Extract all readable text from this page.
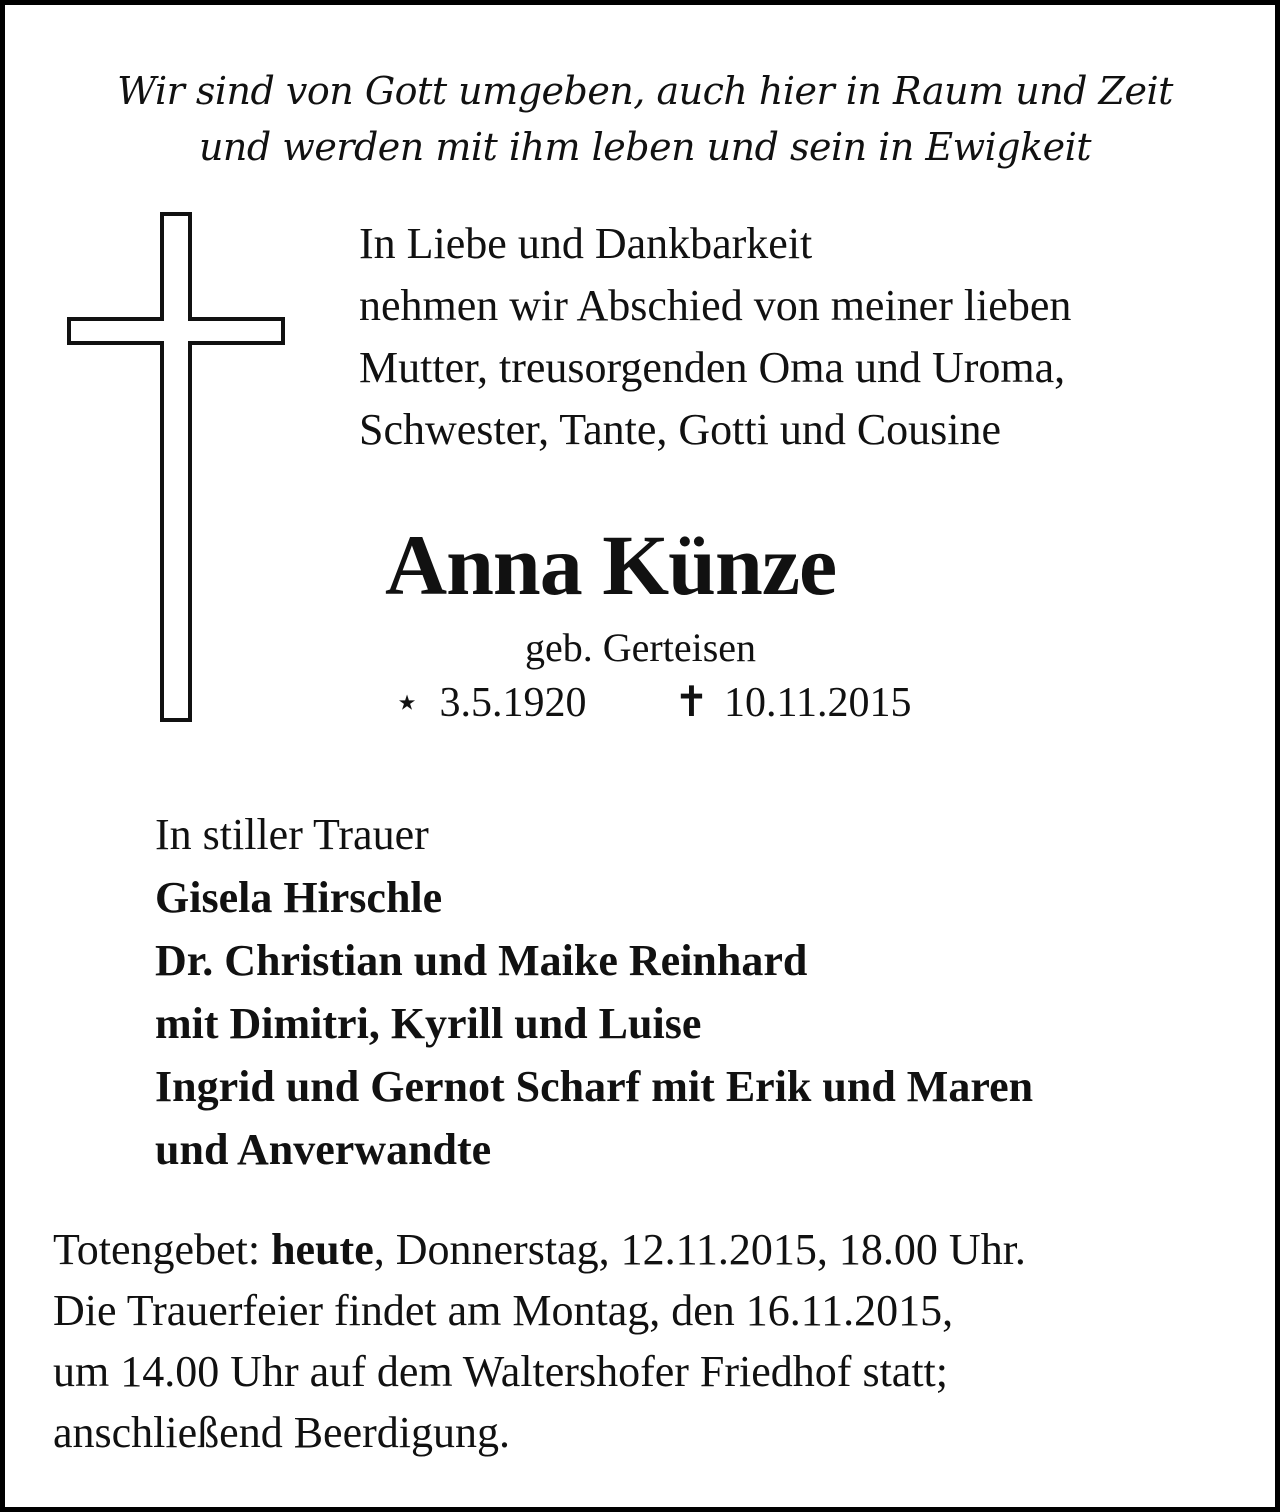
Wir sind von Gott umgeben, auch hier in Raum und Zeit
und werden mit ihm leben und sein in Ewigkeit
In Liebe und Dankbarkeit
nehmen wir Abschied von meiner lieben
Mutter, treusorgenden Oma und Uroma,
Schwester, Tante, Gotti und Cousine
Anna Künze
geb. Gerteisen
⋆ 3.5.1920 ✝ 10.11.2015
In stiller Trauer
Gisela Hirschle
Dr. Christian und Maike Reinhard
mit Dimitri, Kyrill und Luise
Ingrid und Gernot Scharf mit Erik und Maren
und Anverwandte
Totengebet: heute, Donnerstag, 12.11.2015, 18.00 Uhr.
Die Trauerfeier findet am Montag, den 16.11.2015,
um 14.00 Uhr auf dem Waltershofer Friedhof statt;
anschließend Beerdigung.
